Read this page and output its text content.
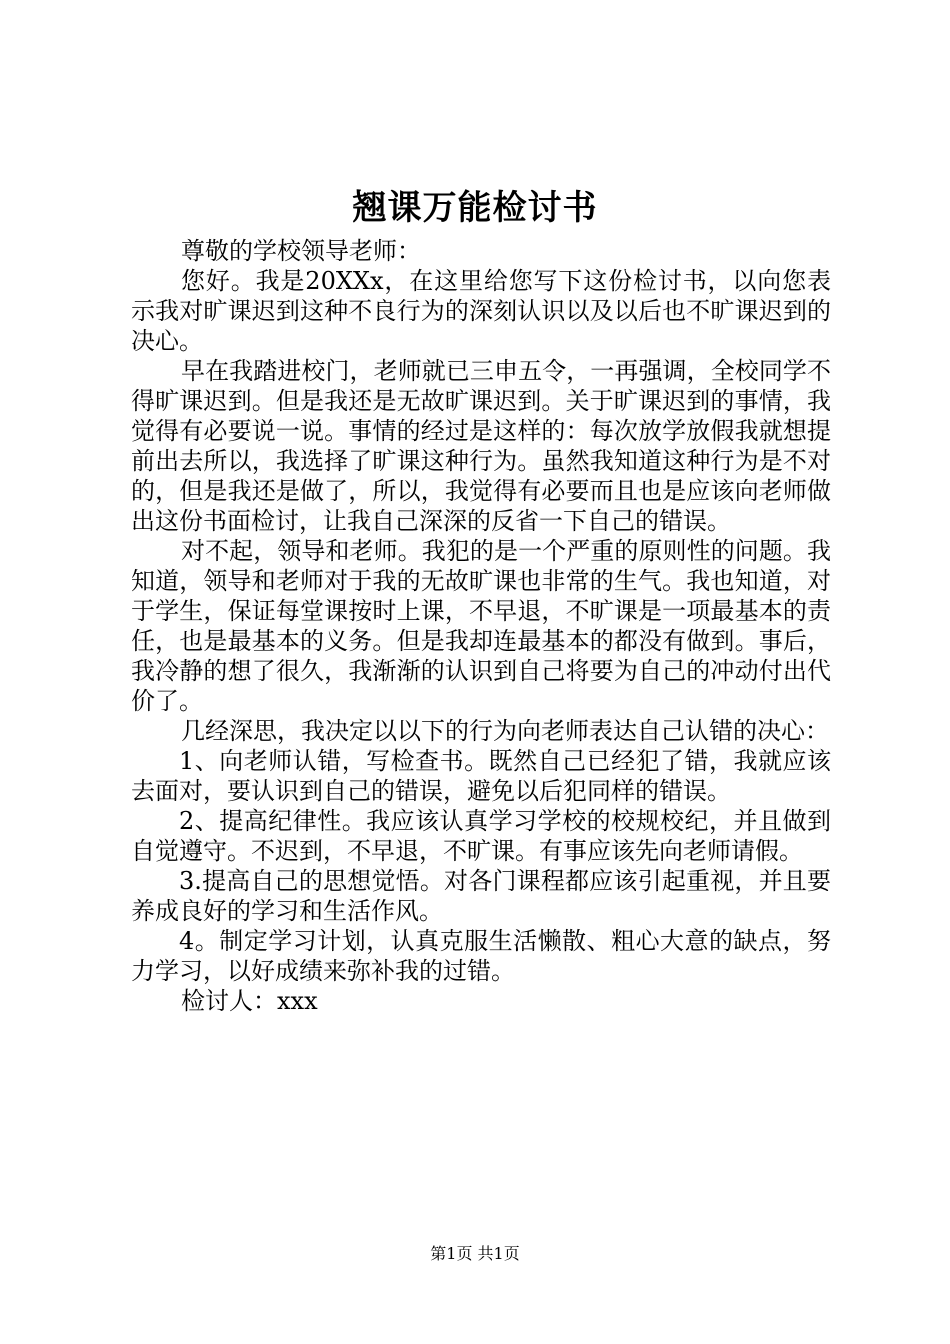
翘课万能检讨书

尊敬的学校领导老师：

您好。我是20XXx，在这里给您写下这份检讨书，以向您表示我对旷课迟到这种不良行为的深刻认识以及以后也不旷课迟到的决心。

早在我踏进校门，老师就已三申五令，一再强调，全校同学不得旷课迟到。但是我还是无故旷课迟到。关于旷课迟到的事情，我觉得有必要说一说。事情的经过是这样的：每次放学放假我就想提前出去所以，我选择了旷课这种行为。虽然我知道这种行为是不对的，但是我还是做了，所以，我觉得有必要而且也是应该向老师做出这份书面检讨，让我自己深深的反省一下自己的错误。

对不起，领导和老师。我犯的是一个严重的原则性的问题。我知道，领导和老师对于我的无故旷课也非常的生气。我也知道，对于学生，保证每堂课按时上课，不早退，不旷课是一项最基本的责任，也是最基本的义务。但是我却连最基本的都没有做到。事后，我冷静的想了很久，我渐渐的认识到自己将要为自己的冲动付出代价了。

几经深思，我决定以以下的行为向老师表达自己认错的决心：

1、向老师认错，写检查书。既然自己已经犯了错，我就应该去面对，要认识到自己的错误，避免以后犯同样的错误。

2、提高纪律性。我应该认真学习学校的校规校纪，并且做到自觉遵守。不迟到，不早退，不旷课。有事应该先向老师请假。

3.提高自己的思想觉悟。对各门课程都应该引起重视，并且要养成良好的学习和生活作风。

4。制定学习计划，认真克服生活懒散、粗心大意的缺点，努力学习，以好成绩来弥补我的过错。

检讨人：xxx

第1页 共1页
